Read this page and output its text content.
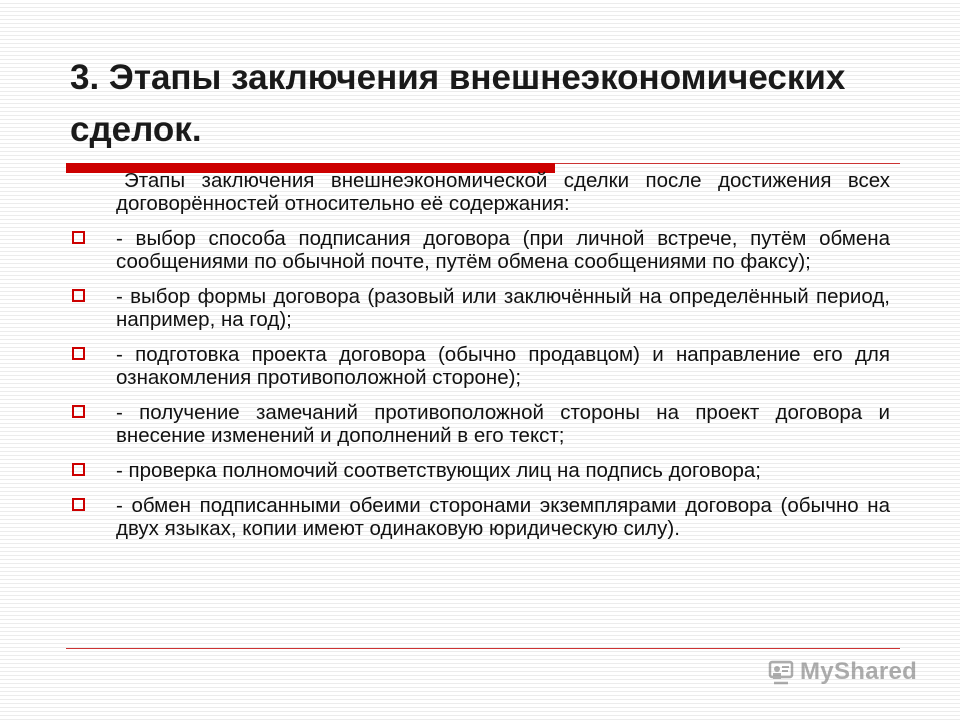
3. Этапы заключения внешнеэкономических сделок.
Этапы заключения внешнеэкономической сделки после достижения всех договорённостей относительно её содержания:
- выбор способа подписания договора (при личной встрече, путём обмена сообщениями по обычной почте, путём обмена сообщениями по факсу);
- выбор формы договора (разовый или заключённый на определённый период, например, на год);
- подготовка проекта договора (обычно продавцом) и направление его для ознакомления противоположной стороне);
- получение замечаний противоположной стороны на проект договора и внесение изменений и дополнений в его текст;
- проверка полномочий соответствующих лиц на подпись договора;
- обмен подписанными обеими сторонами экземплярами договора (обычно на двух языках, копии имеют одинаковую юридическую силу).
MyShared
